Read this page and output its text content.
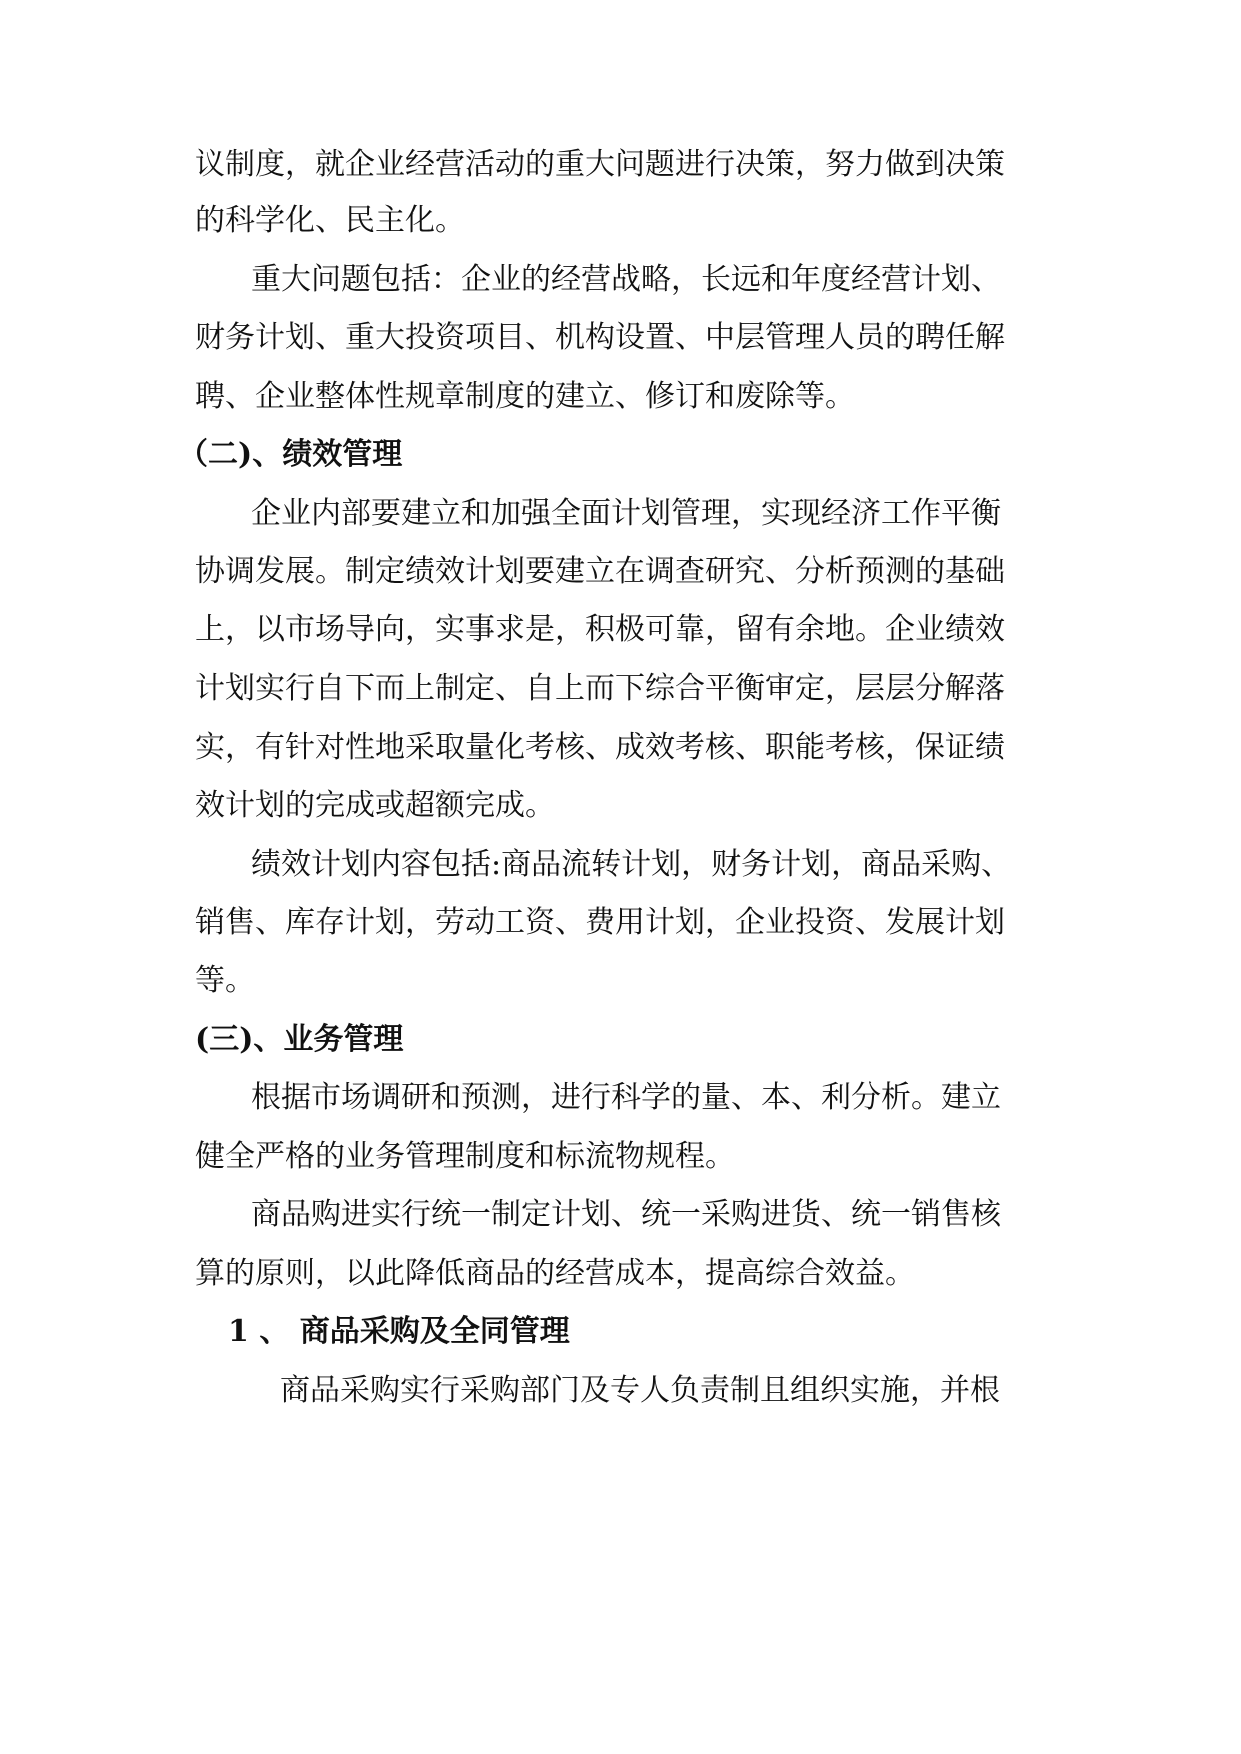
议制度，就企业经营活动的重大问题进行决策，努力做到决策
的科学化、民主化。
重大问题包括：企业的经营战略，长远和年度经营计划、
财务计划、重大投资项目、机构设置、中层管理人员的聘任解
聘、企业整体性规章制度的建立、修订和废除等。
（二)、绩效管理
企业内部要建立和加强全面计划管理，实现经济工作平衡
协调发展。制定绩效计划要建立在调查研究、分析预测的基础
上，以市场导向，实事求是，积极可靠，留有余地。企业绩效
计划实行自下而上制定、自上而下综合平衡审定，层层分解落
实，有针对性地采取量化考核、成效考核、职能考核，保证绩
效计划的完成或超额完成。
绩效计划内容包括:商品流转计划，财务计划，商品采购、
销售、库存计划，劳动工资、费用计划，企业投资、发展计划
等。
(三)、业务管理
根据市场调研和预测，进行科学的量、本、利分析。建立
健全严格的业务管理制度和标流物规程。
商品购进实行统一制定计划、统一采购进货、统一销售核
算的原则，以此降低商品的经营成本，提高综合效益。
1 、 商品采购及全同管理
商品采购实行采购部门及专人负责制且组织实施，并根
